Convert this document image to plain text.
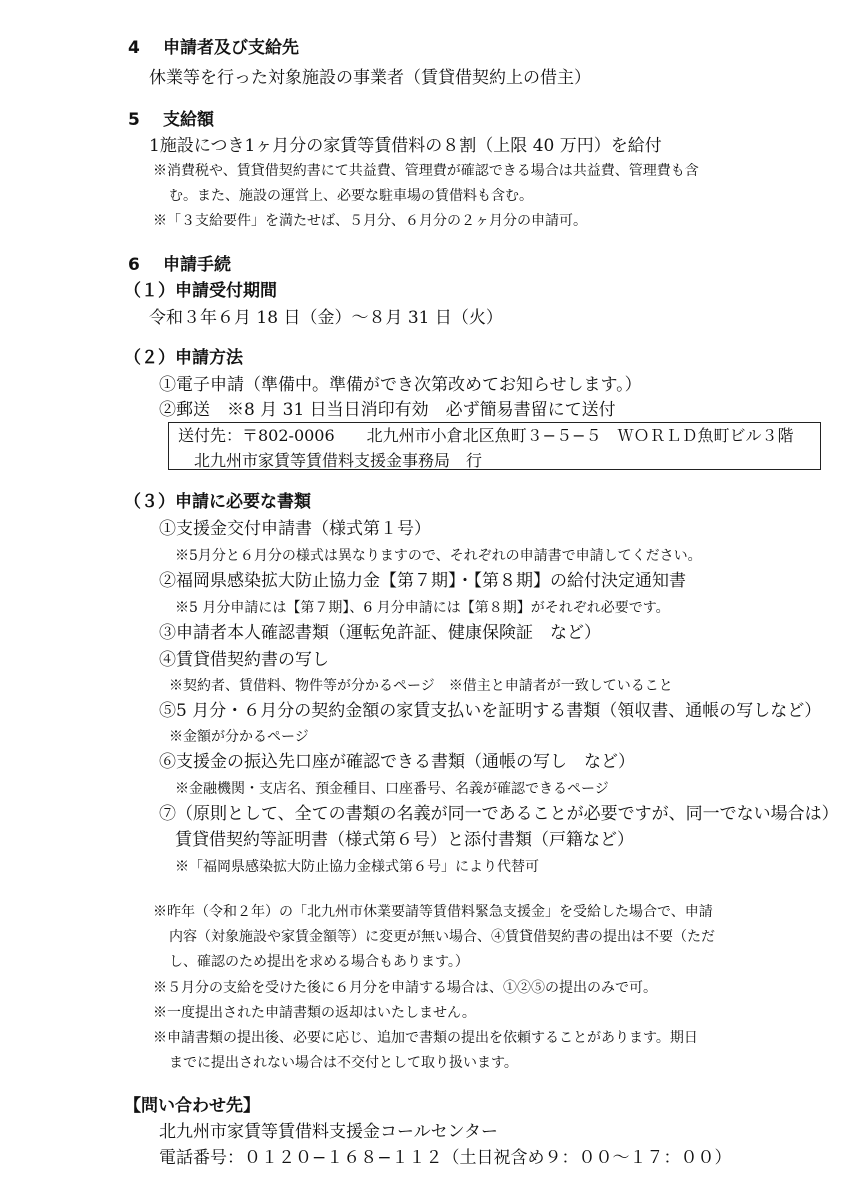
4 申請者及び支給先
休業等を行った対象施設の事業者（賃貸借契約上の借主）
5 支給額
1施設につき1ヶ月分の家賃等賃借料の８割（上限 40 万円）を給付
※消費税や、賃貸借契約書にて共益費、管理費が確認できる場合は共益費、管理費も含
む。また、施設の運営上、必要な駐車場の賃借料も含む。
※「３支給要件」を満たせば、５月分、６月分の２ヶ月分の申請可。
6 申請手続
（１）申請受付期間
令和３年６月 18 日（金）〜８月 31 日（火）
（２）申請方法
①電子申請（準備中。準備ができ次第改めてお知らせします。）
②郵送　※8 月 31 日当日消印有効　必ず簡易書留にて送付
送付先：〒802-0006　　北九州市小倉北区魚町３−５−５　ＷＯＲＬＤ魚町ビル３階
北九州市家賃等賃借料支援金事務局　行
（３）申請に必要な書類
①支援金交付申請書（様式第１号）
※5月分と６月分の様式は異なりますので、それぞれの申請書で申請してください。
②福岡県感染拡大防止協力金【第７期】・【第８期】の給付決定通知書
※5 月分申請には【第７期】、6 月分申請には【第８期】がそれぞれ必要です。
③申請者本人確認書類（運転免許証、健康保険証　など）
④賃貸借契約書の写し
※契約者、賃借料、物件等が分かるページ　※借主と申請者が一致していること
⑤5 月分・６月分の契約金額の家賃支払いを証明する書類（領収書、通帳の写しなど）
※金額が分かるページ
⑥支援金の振込先口座が確認できる書類（通帳の写し　など）
※金融機関・支店名、預金種目、口座番号、名義が確認できるページ
⑦（原則として、全ての書類の名義が同一であることが必要ですが、同一でない場合は）
賃貸借契約等証明書（様式第６号）と添付書類（戸籍など）
※「福岡県感染拡大防止協力金様式第６号」により代替可
※昨年（令和２年）の「北九州市休業要請等賃借料緊急支援金」を受給した場合で、申請
内容（対象施設や家賃金額等）に変更が無い場合、④賃貸借契約書の提出は不要（ただ
し、確認のため提出を求める場合もあります。）
※５月分の支給を受けた後に６月分を申請する場合は、①②⑤の提出のみで可。
※一度提出された申請書類の返却はいたしません。
※申請書類の提出後、必要に応じ、追加で書類の提出を依頼することがあります。期日
までに提出されない場合は不交付として取り扱います。
【問い合わせ先】
北九州市家賃等賃借料支援金コールセンター
電話番号：０１２０−１６８−１１２（土日祝含め９：００〜１７：００）
